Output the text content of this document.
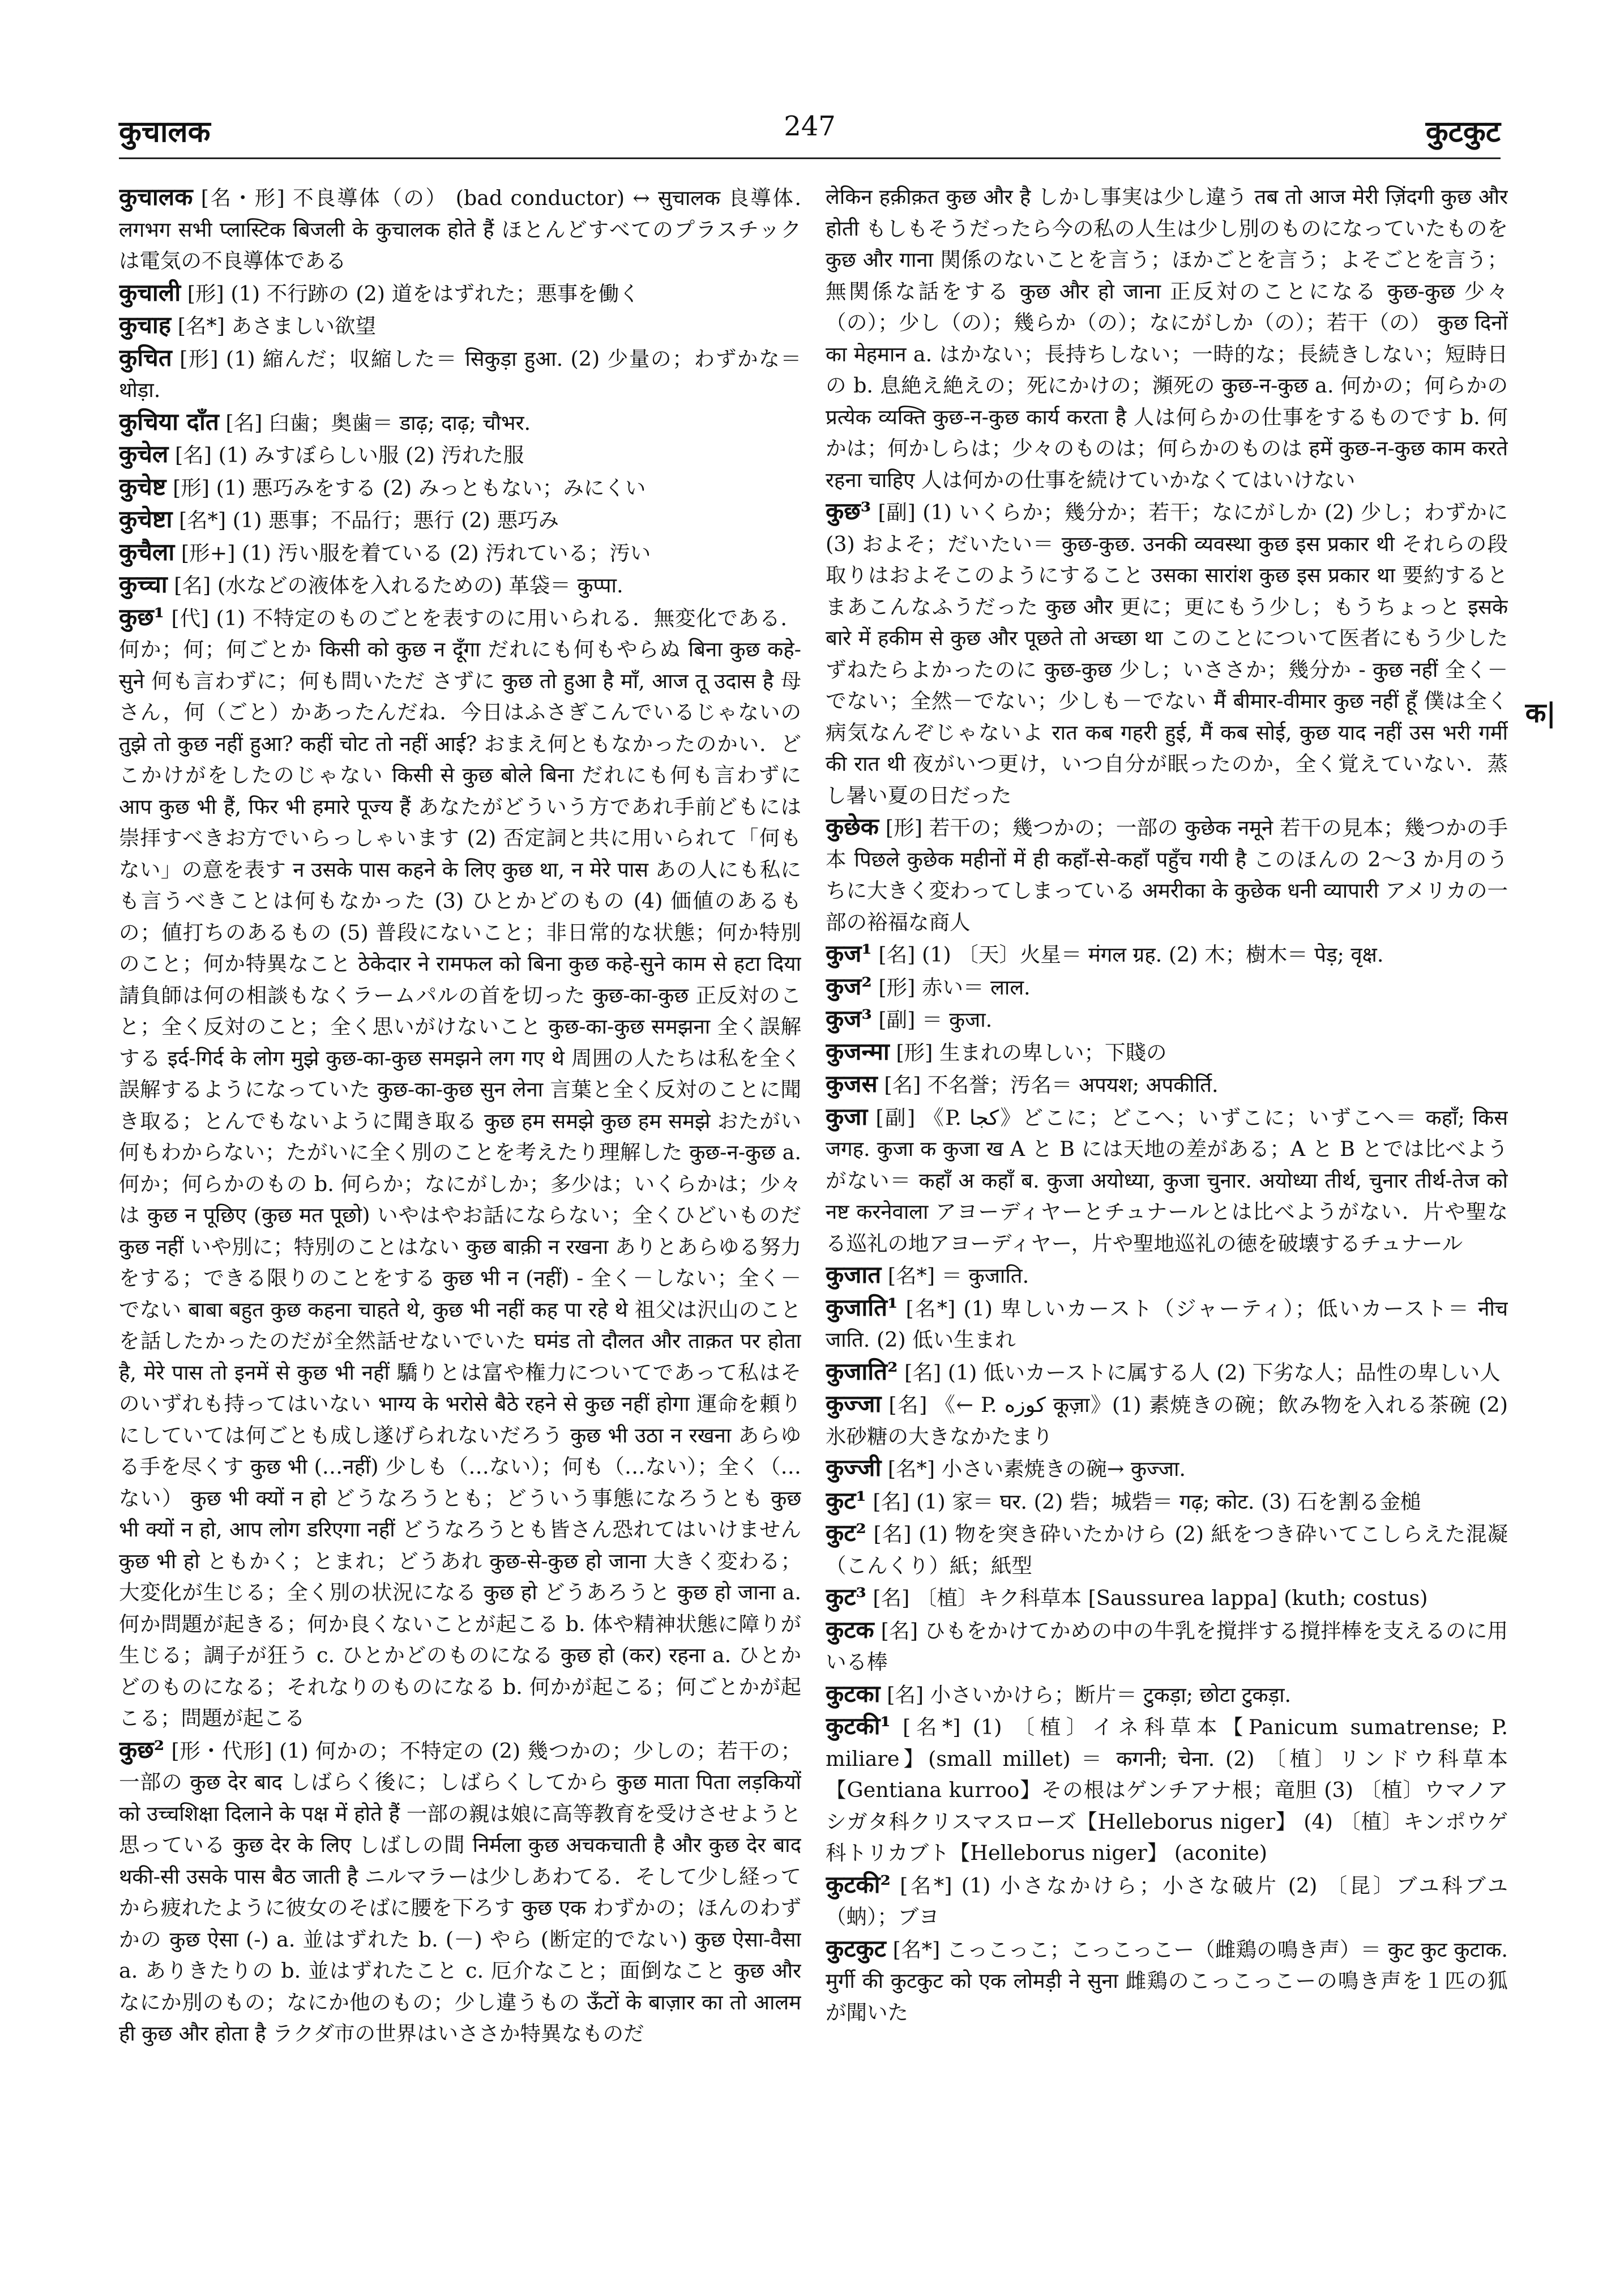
कुचालक	247	कुटकुट

कुचालक [名・形] 不良導体（の） (bad conductor) ↔ सुचालक 良導体. लगभग सभी प्लास्टिक बिजली के कुचालक होते हैं ほとんどすべてのプラスチックは電気の不良導体である

कुचाली [形] (1) 不行跡の (2) 道をはずれた；悪事を働く

कुचाह [名*] あさましい欲望

कुचित [形] (1) 縮んだ；収縮した＝ सिकुड़ा हुआ. (2) 少量の；わずかな＝ थोड़ा.

कुचिया दाँत [名] 臼歯；奥歯＝ डाढ़; दाढ़; चौभर.

कुचेल [名] (1) みすぼらしい服 (2) 汚れた服

कुचेष्ट [形] (1) 悪巧みをする (2) みっともない；みにくい

कुचेष्टा [名*] (1) 悪事；不品行；悪行 (2) 悪巧み

कुचैला [形+] (1) 汚い服を着ている (2) 汚れている；汚い

कुच्चा [名] (水などの液体を入れるための) 革袋＝ कुप्पा.

कुछ¹ [代] (1) 不特定のものごとを表すのに用いられる．無変化である．何か；何；何ごとか किसी को कुछ न दूँगा だれにも何もやらぬ बिना कुछ कहे-सुने 何も言わずに；何も問いただ さずに कुछ तो हुआ है माँ, आज तू उदास है 母さん，何（ごと）かあったんだね．今日はふさぎこんでいるじゃないの तुझे तो कुछ नहीं हुआ? कहीं चोट तो नहीं आई? おまえ何ともなかったのかい．どこかけがをしたのじゃない किसी से कुछ बोले बिना だれにも何も言わずに आप कुछ भी हैं, फिर भी हमारे पूज्य हैं あなたがどういう方であれ手前どもには崇拝すべきお方でいらっしゃいます (2) 否定詞と共に用いられて「何もない」の意を表す न उसके पास कहने के लिए कुछ था, न मेरे पास あの人にも私にも言うべきことは何もなかった (3) ひとかどのもの (4) 価値のあるもの；値打ちのあるもの (5) 普段にないこと；非日常的な状態；何か特別のこと；何か特異なこと ठेकेदार ने रामफल को बिना कुछ कहे-सुने काम से हटा दिया 請負師は何の相談もなくラームパルの首を切った कुछ-का-कुछ 正反対のこと；全く反対のこと；全く思いがけないこと कुछ-का-कुछ समझना 全く誤解する इर्द-गिर्द के लोग मुझे कुछ-का-कुछ समझने लग गए थे 周囲の人たちは私を全く誤解するようになっていた कुछ-का-कुछ सुन लेना 言葉と全く反対のことに聞き取る；とんでもないように聞き取る कुछ हम समझे कुछ हम समझे おたがい何もわからない；たがいに全く別のことを考えたり理解した कुछ-न-कुछ a. 何か；何らかのもの b. 何らか；なにがしか；多少は；いくらかは；少々は कुछ न पूछिए (कुछ मत पूछो) いやはやお話にならない；全くひどいものだ कुछ नहीं いや別に；特別のことはない कुछ बाक़ी न रखना ありとあらゆる努力をする；できる限りのことをする कुछ भी न (नहीं) - 全く－しない；全く－でない बाबा बहुत कुछ कहना चाहते थे, कुछ भी नहीं कह पा रहे थे 祖父は沢山のことを話したかったのだが全然話せないでいた घमंड तो दौलत और ताक़त पर होता है, मेरे पास तो इनमें से कुछ भी नहीं 驕りとは富や権力についてであって私はそのいずれも持ってはいない भाग्य के भरोसे बैठे रहने से कुछ नहीं होगा 運命を頼りにしていては何ごとも成し遂げられないだろう कुछ भी उठा न रखना あらゆる手を尽くす कुछ भी (…नहीं) 少しも（…ない）；何も（…ない）；全く（…ない） कुछ भी क्यों न हो どうなろうとも；どういう事態になろうとも कुछ भी क्यों न हो, आप लोग डरिएगा नहीं どうなろうとも皆さん恐れてはいけません कुछ भी हो ともかく；とまれ；どうあれ कुछ-से-कुछ हो जाना 大きく変わる；大変化が生じる；全く別の状況になる कुछ हो どうあろうと कुछ हो जाना a. 何か問題が起きる；何か良くないことが起こる b. 体や精神状態に障りが生じる；調子が狂う c. ひとかどのものになる कुछ हो (कर) रहना a. ひとかどのものになる；それなりのものになる b. 何かが起こる；何ごとかが起こる；問題が起こる

कुछ² [形・代形] (1) 何かの；不特定の (2) 幾つかの；少しの；若干の；一部の कुछ देर बाद しばらく後に；しばらくしてから कुछ माता पिता लड़कियों को उच्चशिक्षा दिलाने के पक्ष में होते हैं 一部の親は娘に高等教育を受けさせようと思っている कुछ देर के लिए しばしの間 निर्मला कुछ अचकचाती है और कुछ देर बाद थकी-सी उसके पास बैठ जाती है ニルマラーは少しあわてる．そして少し経ってから疲れたように彼女のそばに腰を下ろす कुछ एक わずかの；ほんのわずかの कुछ ऐसा (-) a. 並はずれた b. (－) やら (断定的でない) कुछ ऐसा-वैसा a. ありきたりの b. 並はずれたこと c. 厄介なこと；面倒なこと कुछ और なにか別のもの；なにか他のもの；少し違うもの ऊँटों के बाज़ार का तो आलम ही कुछ और होता है ラクダ市の世界はいささか特異なものだ

लेकिन हक़ीक़त कुछ और है しかし事実は少し違う तब तो आज मेरी ज़िंदगी कुछ और होती もしもそうだったら今の私の人生は少し別のものになっていたものを कुछ और गाना 関係のないことを言う；ほかごとを言う；よそごとを言う；無関係な話をする कुछ और हो जाना 正反対のことになる कुछ-कुछ 少々（の）；少し（の）；幾らか（の）；なにがしか（の）；若干（の） कुछ दिनों का मेहमान a. はかない；長持ちしない；一時的な；長続きしない；短時日の b. 息絶え絶えの；死にかけの；瀕死の कुछ-न-कुछ a. 何かの；何らかの प्रत्येक व्यक्ति कुछ-न-कुछ कार्य करता है 人は何らかの仕事をするものです b. 何かは；何かしらは；少々のものは；何らかのものは हमें कुछ-न-कुछ काम करते रहना चाहिए 人は何かの仕事を続けていかなくてはいけない

कुछ³ [副] (1) いくらか；幾分か；若干；なにがしか (2) 少し；わずかに (3) およそ；だいたい＝ कुछ-कुछ. उनकी व्यवस्था कुछ इस प्रकार थी それらの段取りはおよそこのようにすること उसका सारांश कुछ इस प्रकार था 要約するとまあこんなふうだった कुछ और 更に；更にもう少し；もうちょっと इसके बारे में हकीम से कुछ और पूछते तो अच्छा था このことについて医者にもう少したずねたらよかったのに कुछ-कुछ 少し；いささか；幾分か - कुछ नहीं 全く－でない；全然－でない；少しも－でない मैं बीमार-वीमार कुछ नहीं हूँ 僕は全く病気なんぞじゃないよ रात कब गहरी हुई, मैं कब सोई, कुछ याद नहीं उस भरी गर्मी की रात थी 夜がいつ更け，いつ自分が眠ったのか，全く覚えていない．蒸し暑い夏の日だった

कुछेक [形] 若干の；幾つかの；一部の कुछेक नमूने 若干の見本；幾つかの手本 पिछले कुछेक महीनों में ही कहाँ-से-कहाँ पहुँच गयी है このほんの 2〜3 か月のうちに大きく変わってしまっている अमरीका के कुछेक धनी व्यापारी アメリカの一部の裕福な商人

कुज¹ [名] (1) 〔天〕火星＝ मंगल ग्रह. (2) 木；樹木＝ पेड़; वृक्ष.

कुज² [形] 赤い＝ लाल.

कुज³ [副] ＝ कुजा.

कुजन्मा [形] 生まれの卑しい；下賤の

कुजस [名] 不名誉；汚名＝ अपयश; अपकीर्ति.

कुजा [副] 《P. کجا》どこに；どこへ；いずこに；いずこへ＝ कहाँ; किस जगह. कुजा क कुजा ख A と B には天地の差がある；A と B とでは比べようがない＝ कहाँ अ कहाँ ब. कुजा अयोध्या, कुजा चुनार. अयोध्या तीर्थ, चुनार तीर्थ-तेज को नष्ट करनेवाला アヨーディヤーとチュナールとは比べようがない．片や聖なる巡礼の地アヨーディヤー，片や聖地巡礼の徳を破壊するチュナール

कुजात [名*] ＝ कुजाति.

कुजाति¹ [名*] (1) 卑しいカースト（ジャーティ）；低いカースト＝ नीच जाति. (2) 低い生まれ

कुजाति² [名] (1) 低いカーストに属する人 (2) 下劣な人；品性の卑しい人

कुज्जा [名] 《← P. کوزه कूज़ा》(1) 素焼きの碗；飲み物を入れる茶碗 (2) 氷砂糖の大きなかたまり

कुज्जी [名*] 小さい素焼きの碗→ कुज्जा.

कुट¹ [名] (1) 家＝ घर. (2) 砦；城砦＝ गढ़; कोट. (3) 石を割る金槌

कुट² [名] (1) 物を突き砕いたかけら (2) 紙をつき砕いてこしらえた混凝（こんくり）紙；紙型

कुट³ [名] 〔植〕キク科草本 [Saussurea lappa] (kuth; costus)

कुटक [名] ひもをかけてかめの中の牛乳を撹拌する撹拌棒を支えるのに用いる棒

कुटका [名] 小さいかけら；断片＝ टुकड़ा; छोटा टुकड़ा.

कुटकी¹ [名*] (1) 〔植〕イネ科草本【Panicum sumatrense; P. miliare】(small millet) ＝ कगनी; चेना. (2) 〔植〕リンドウ科草本【Gentiana kurroo】その根はゲンチアナ根；竜胆 (3) 〔植〕ウマノアシガタ科クリスマスローズ【Helleborus niger】 (4) 〔植〕キンポウゲ科トリカブト【Helleborus niger】 (aconite)

कुटकी² [名*] (1) 小さなかけら；小さな破片 (2) 〔昆〕ブユ科ブユ（蚋）；ブヨ

कुटकुट [名*] こっこっこ；こっこっこー（雌鶏の鳴き声）＝ कुट कुट कुटाक. मुर्गी की कुटकुट को एक लोमड़ी ने सुना 雌鶏のこっこっこーの鳴き声を１匹の狐が聞いた

क|
